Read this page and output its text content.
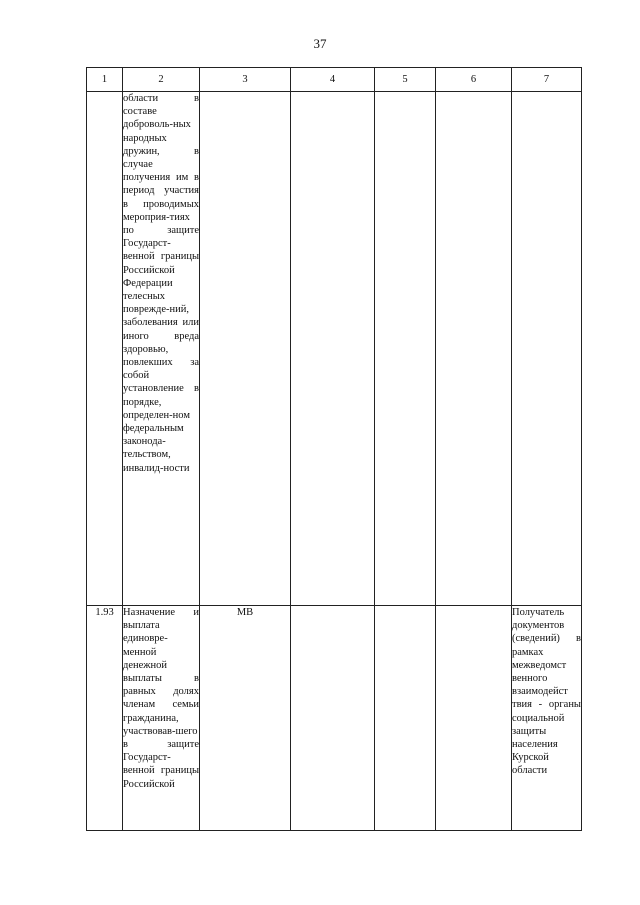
37
1	2	3	4	5	6	7
	области в составе доброволь-ных народных дружин, в случае получения им в период участия в проводимых мероприя-тиях по защите Государст-венной границы Российской Федерации телесных поврежде-ний, заболевания или иного вреда здоровью, повлекших за собой установление в порядке, определен-ном федеральным законода-тельством, инвалид-ности					
1.93	Назначение и выплата единовре-менной денежной выплаты в равных долях членам семьи гражданина, участвовав-шего в защите Государст-венной границы Российской	МВ				Получатель документов (сведений) в рамках межведомст венного взаимодейст твия - органы социальной защиты населения Курской области
